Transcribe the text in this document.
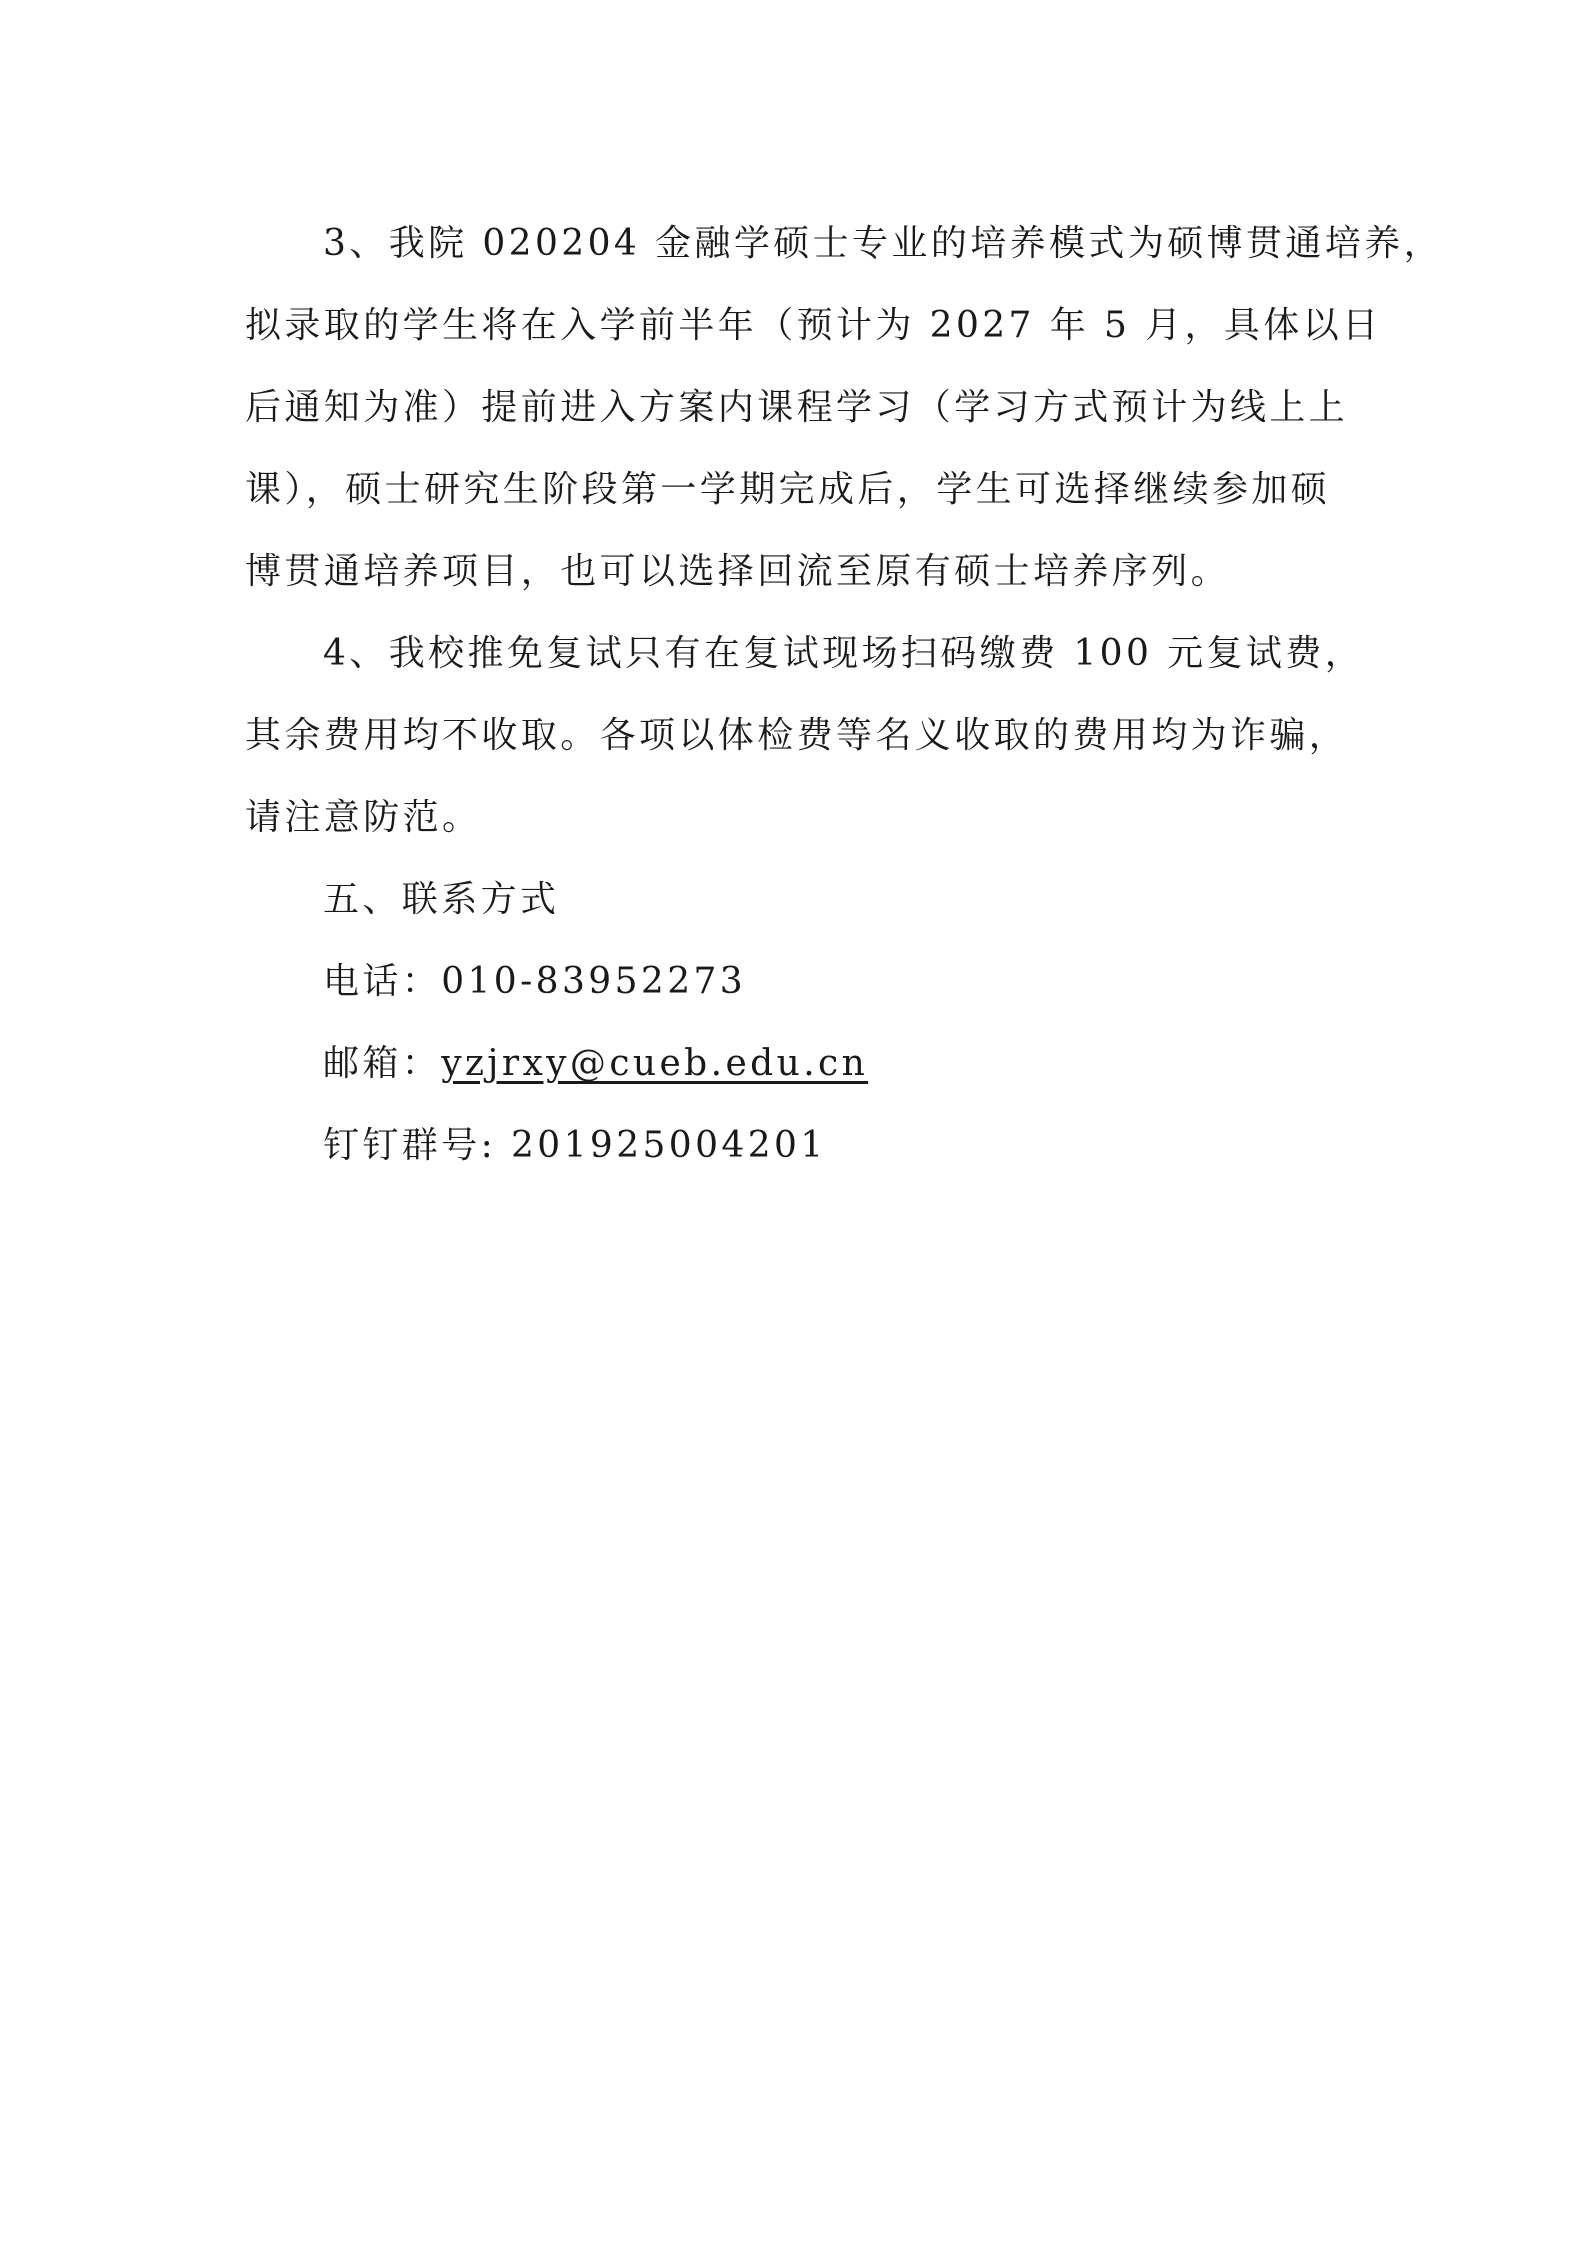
3、我院 020204 金融学硕士专业的培养模式为硕博贯通培养，
拟录取的学生将在入学前半年（预计为 2027 年 5 月，具体以日
后通知为准）提前进入方案内课程学习（学习方式预计为线上上
课），硕士研究生阶段第一学期完成后，学生可选择继续参加硕
博贯通培养项目，也可以选择回流至原有硕士培养序列。
4、我校推免复试只有在复试现场扫码缴费 100 元复试费，
其余费用均不收取。各项以体检费等名义收取的费用均为诈骗，
请注意防范。
五、联系方式
电话：010-83952273
邮箱：yzjrxy@cueb.edu.cn
钉钉群号: 201925004201
